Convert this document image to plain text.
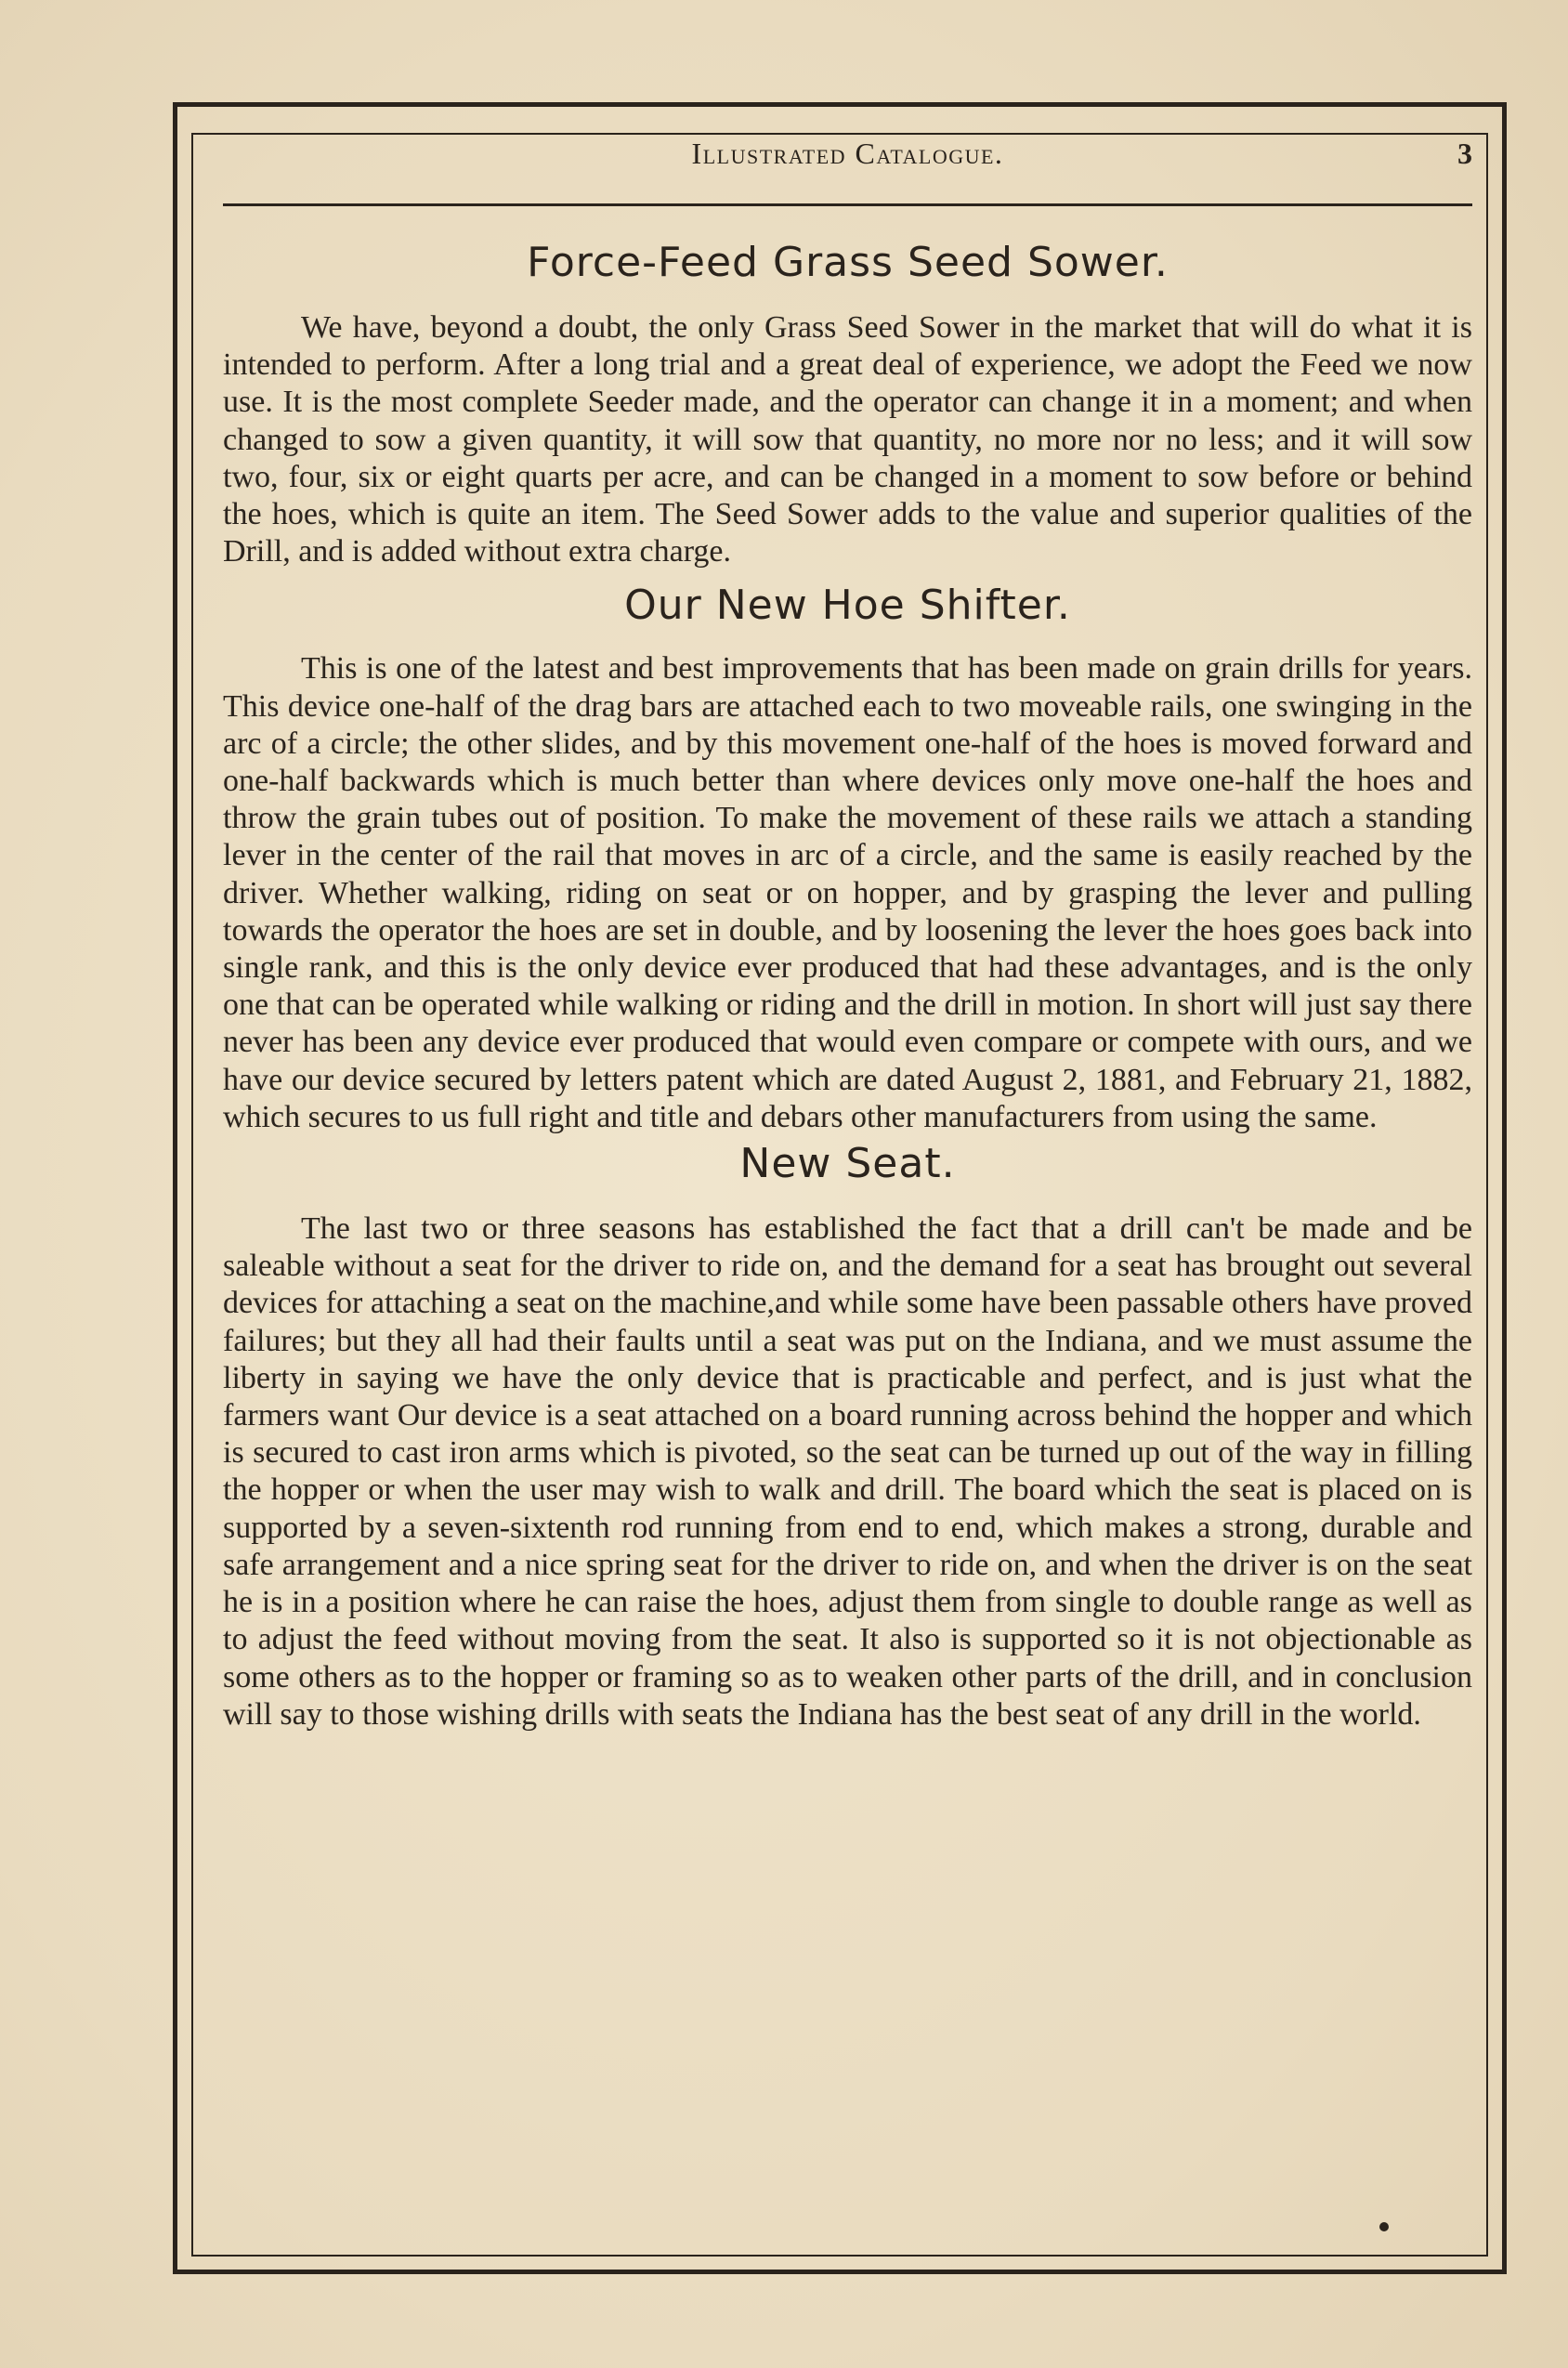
Illustrated Catalogue.	3
Force-Feed Grass Seed Sower.

We have, beyond a doubt, the only Grass Seed Sower in the market that will do what it is intended to perform. After a long trial and a great deal of experience, we adopt the Feed we now use. It is the most complete Seeder made, and the operator can change it in a moment; and when changed to sow a given quantity, it will sow that quantity, no more nor no less; and it will sow two, four, six or eight quarts per acre, and can be changed in a moment to sow before or behind the hoes, which is quite an item. The Seed Sower adds to the value and superior qualities of the Drill, and is added without extra charge.

Our New Hoe Shifter.

This is one of the latest and best improvements that has been made on grain drills for years. This device one-half of the drag bars are attached each to two moveable rails, one swinging in the arc of a circle; the other slides, and by this movement one-half of the hoes is moved forward and one-half backwards which is much better than where devices only move one-half the hoes and throw the grain tubes out of position. To make the movement of these rails we attach a standing lever in the center of the rail that moves in arc of a circle, and the same is easily reached by the driver. Whether walking, riding on seat or on hopper, and by grasping the lever and pulling towards the operator the hoes are set in double, and by loosening the lever the hoes goes back into single rank, and this is the only device ever produced that had these advantages, and is the only one that can be operated while walking or riding and the drill in motion. In short will just say there never has been any device ever produced that would even compare or compete with ours, and we have our device secured by letters patent which are dated August 2, 1881, and February 21, 1882, which secures to us full right and title and debars other manufacturers from using the same.

New Seat.

The last two or three seasons has established the fact that a drill can't be made and be saleable without a seat for the driver to ride on, and the demand for a seat has brought out several devices for attaching a seat on the machine,and while some have been passable others have proved failures; but they all had their faults until a seat was put on the Indiana, and we must assume the liberty in saying we have the only device that is practicable and perfect, and is just what the farmers want Our device is a seat attached on a board running across behind the hopper and which is secured to cast iron arms which is pivoted, so the seat can be turned up out of the way in filling the hopper or when the user may wish to walk and drill. The board which the seat is placed on is supported by a seven-sixtenth rod running from end to end, which makes a strong, durable and safe arrangement and a nice spring seat for the driver to ride on, and when the driver is on the seat he is in a position where he can raise the hoes, adjust them from single to double range as well as to adjust the feed without moving from the seat. It also is supported so it is not objectionable as some others as to the hopper or framing so as to weaken other parts of the drill, and in conclusion will say to those wishing drills with seats the Indiana has the best seat of any drill in the world.
